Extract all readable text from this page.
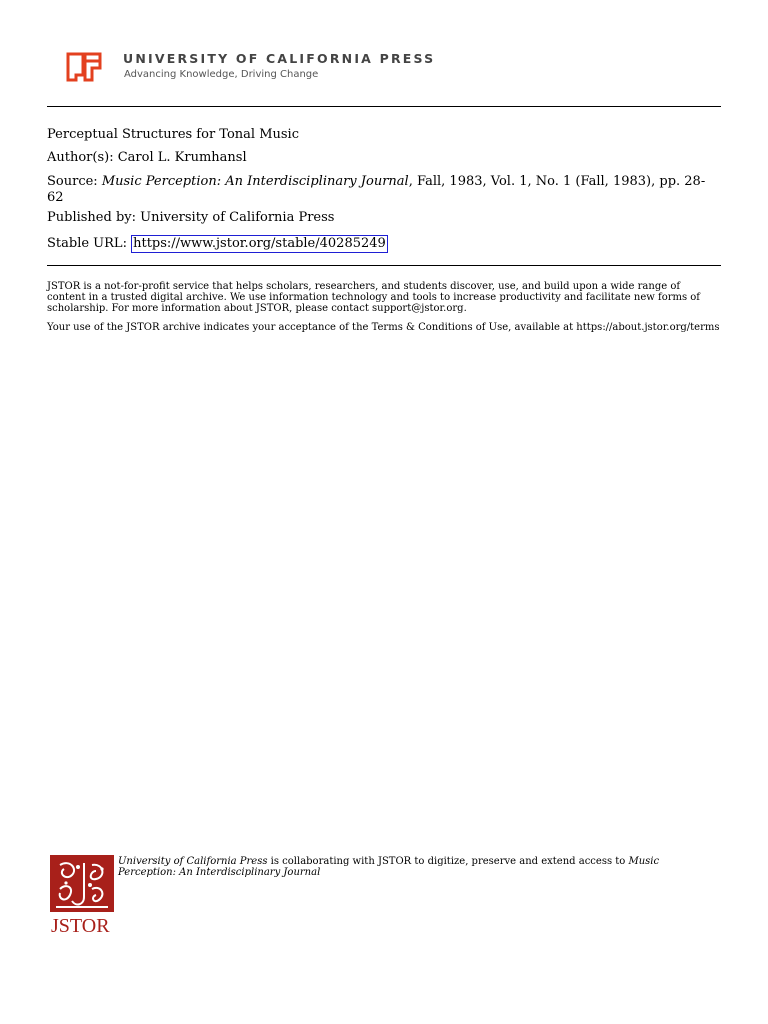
UNIVERSITY OF CALIFORNIA PRESS
Advancing Knowledge, Driving Change
Perceptual Structures for Tonal Music
Author(s): Carol L. Krumhansl
Source: Music Perception: An Interdisciplinary Journal, Fall, 1983, Vol. 1, No. 1 (Fall, 1983), pp. 28-62
Published by: University of California Press
Stable URL: https://www.jstor.org/stable/40285249
JSTOR is a not-for-profit service that helps scholars, researchers, and students discover, use, and build upon a wide range of content in a trusted digital archive. We use information technology and tools to increase productivity and facilitate new forms of scholarship. For more information about JSTOR, please contact support@jstor.org.
Your use of the JSTOR archive indicates your acceptance of the Terms & Conditions of Use, available at https://about.jstor.org/terms
JSTOR
University of California Press is collaborating with JSTOR to digitize, preserve and extend access to Music Perception: An Interdisciplinary Journal
